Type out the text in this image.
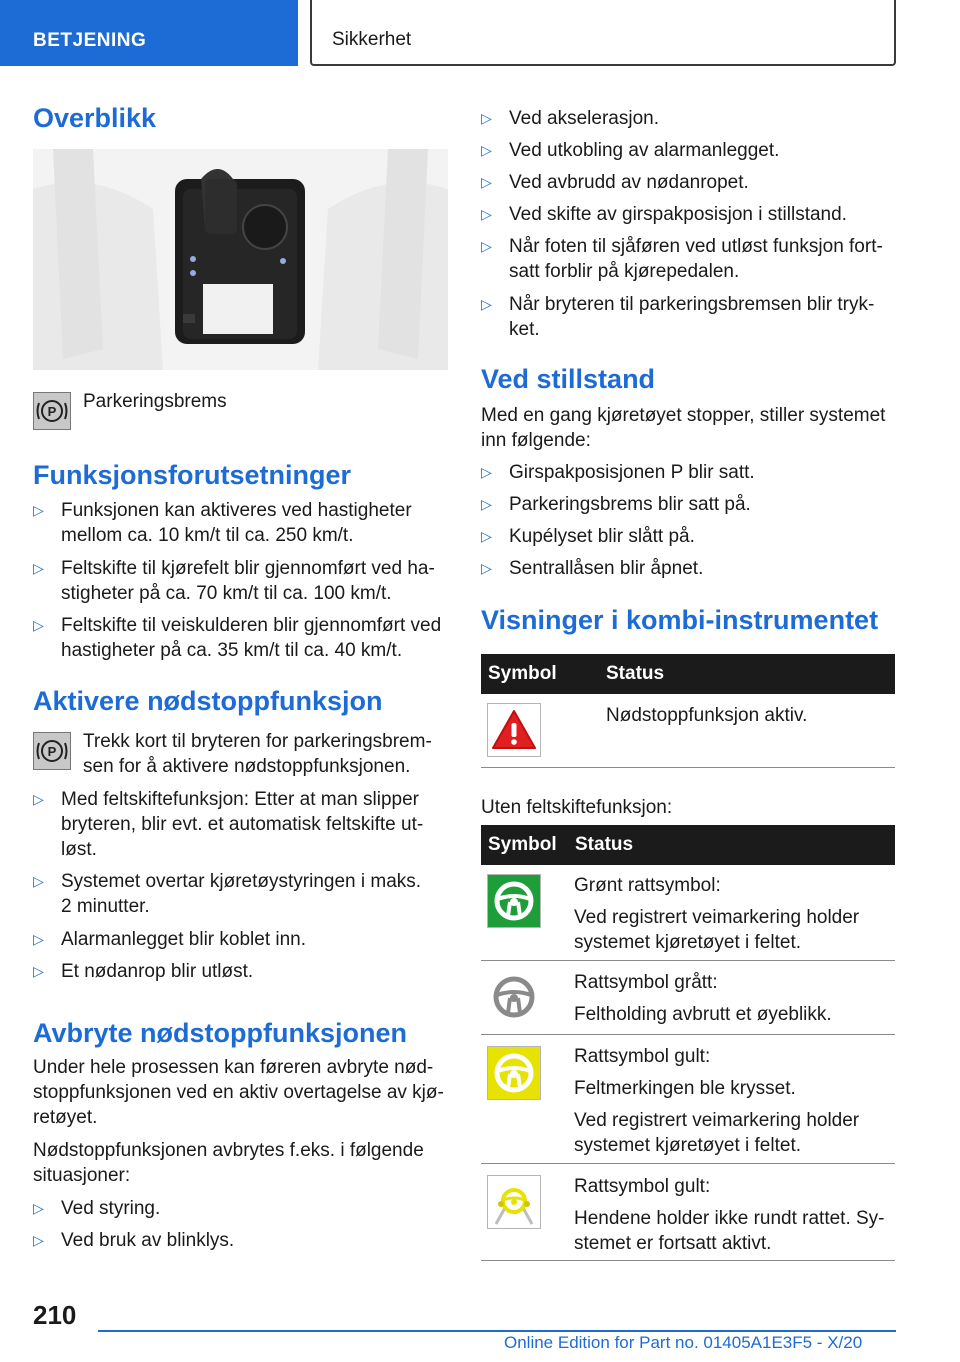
BETJENING	Sikkerhet
Overblikk
P Parkeringsbrems
Funksjonsforutsetninger
▷ Funksjonen kan aktiveres ved hastigheter
mellom ca. 10 km/t til ca. 250 km/t.
▷ Feltskifte til kjørefelt blir gjennomført ved ha‐
stigheter på ca. 70 km/t til ca. 100 km/t.
▷ Feltskifte til veiskulderen blir gjennomført ved
hastigheter på ca. 35 km/t til ca. 40 km/t.
Aktivere nødstoppfunksjon
P Trekk kort til bryteren for parkeringsbrem‐
sen for å aktivere nødstoppfunksjonen.
▷ Med feltskiftefunksjon: Etter at man slipper
bryteren, blir evt. et automatisk feltskifte ut‐
løst.
▷ Systemet overtar kjøretøystyringen i maks.
2 minutter.
▷ Alarmanlegget blir koblet inn.
▷ Et nødanrop blir utløst.
Avbryte nødstoppfunksjonen
Under hele prosessen kan føreren avbryte nød‐
stoppfunksjonen ved en aktiv overtagelse av kjø‐
retøyet.
Nødstoppfunksjonen avbrytes f.eks. i følgende
situasjoner:
▷ Ved styring.
▷ Ved bruk av blinklys.
▷ Ved akselerasjon.
▷ Ved utkobling av alarmanlegget.
▷ Ved avbrudd av nødanropet.
▷ Ved skifte av girspakposisjon i stillstand.
▷ Når foten til sjåføren ved utløst funksjon fort‐
satt forblir på kjørepedalen.
▷ Når bryteren til parkeringsbremsen blir tryk‐
ket.
Ved stillstand
Med en gang kjøretøyet stopper, stiller systemet
inn følgende:
▷ Girspakposisjonen P blir satt.
▷ Parkeringsbrems blir satt på.
▷ Kupélyset blir slått på.
▷ Sentrallåsen blir åpnet.
Visninger i kombi-instrumentet
Symbol	Status
Nødstoppfunksjon aktiv.
Uten feltskiftefunksjon:
Symbol Status
Grønt rattsymbol:
Ved registrert veimarkering holder
systemet kjøretøyet i feltet.
Rattsymbol grått:
Feltholding avbrutt et øyeblikk.
Rattsymbol gult:
Feltmerkingen ble krysset.
Ved registrert veimarkering holder
systemet kjøretøyet i feltet.
Rattsymbol gult:
Hendene holder ikke rundt rattet. Sy‐
stemet er fortsatt aktivt.
210
Online Edition for Part no. 01405A1E3F5 - X/20
